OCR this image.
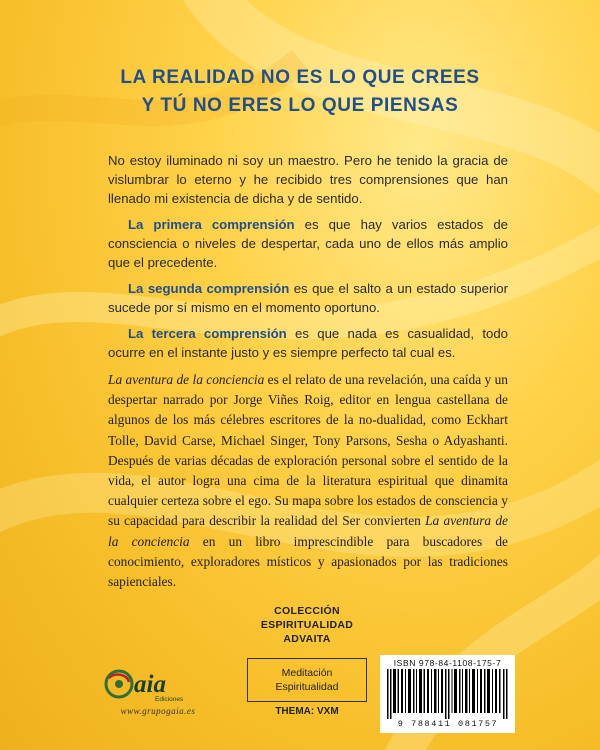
LA REALIDAD NO ES LO QUE CREES
Y TÚ NO ERES LO QUE PIENSAS

No estoy iluminado ni soy un maestro. Pero he tenido la gracia de vislumbrar lo eterno y he recibido tres comprensiones que han llenado mi existencia de dicha y de sentido.

La primera comprensión es que hay varios estados de consciencia o niveles de despertar, cada uno de ellos más amplio que el precedente.

La segunda comprensión es que el salto a un estado superior sucede por sí mismo en el momento oportuno.

La tercera comprensión es que nada es casualidad, todo ocurre en el instante justo y es siempre perfecto tal cual es.

La aventura de la conciencia es el relato de una revelación, una caída y un despertar narrado por Jorge Viñes Roig, editor en lengua castellana de algunos de los más célebres escritores de la no-dualidad, como Eckhart Tolle, David Carse, Michael Singer, Tony Parsons, Sesha o Adyashanti. Después de varias décadas de exploración personal sobre el sentido de la vida, el autor logra una cima de la literatura espiritual que dinamita cualquier certeza sobre el ego. Su mapa sobre los estados de consciencia y su capacidad para describir la realidad del Ser convierten La aventura de la conciencia en un libro imprescindible para buscadores de conocimiento, exploradores místicos y apasionados por las tradiciones sapienciales.
COLECCIÓN
ESPIRITUALIDAD
ADVAITA
Meditación
Espiritualidad
THEMA: VXM
aia
Ediciones
www.grupogaia.es
ISBN 978-84-1108-175-7
9 788411 081757
